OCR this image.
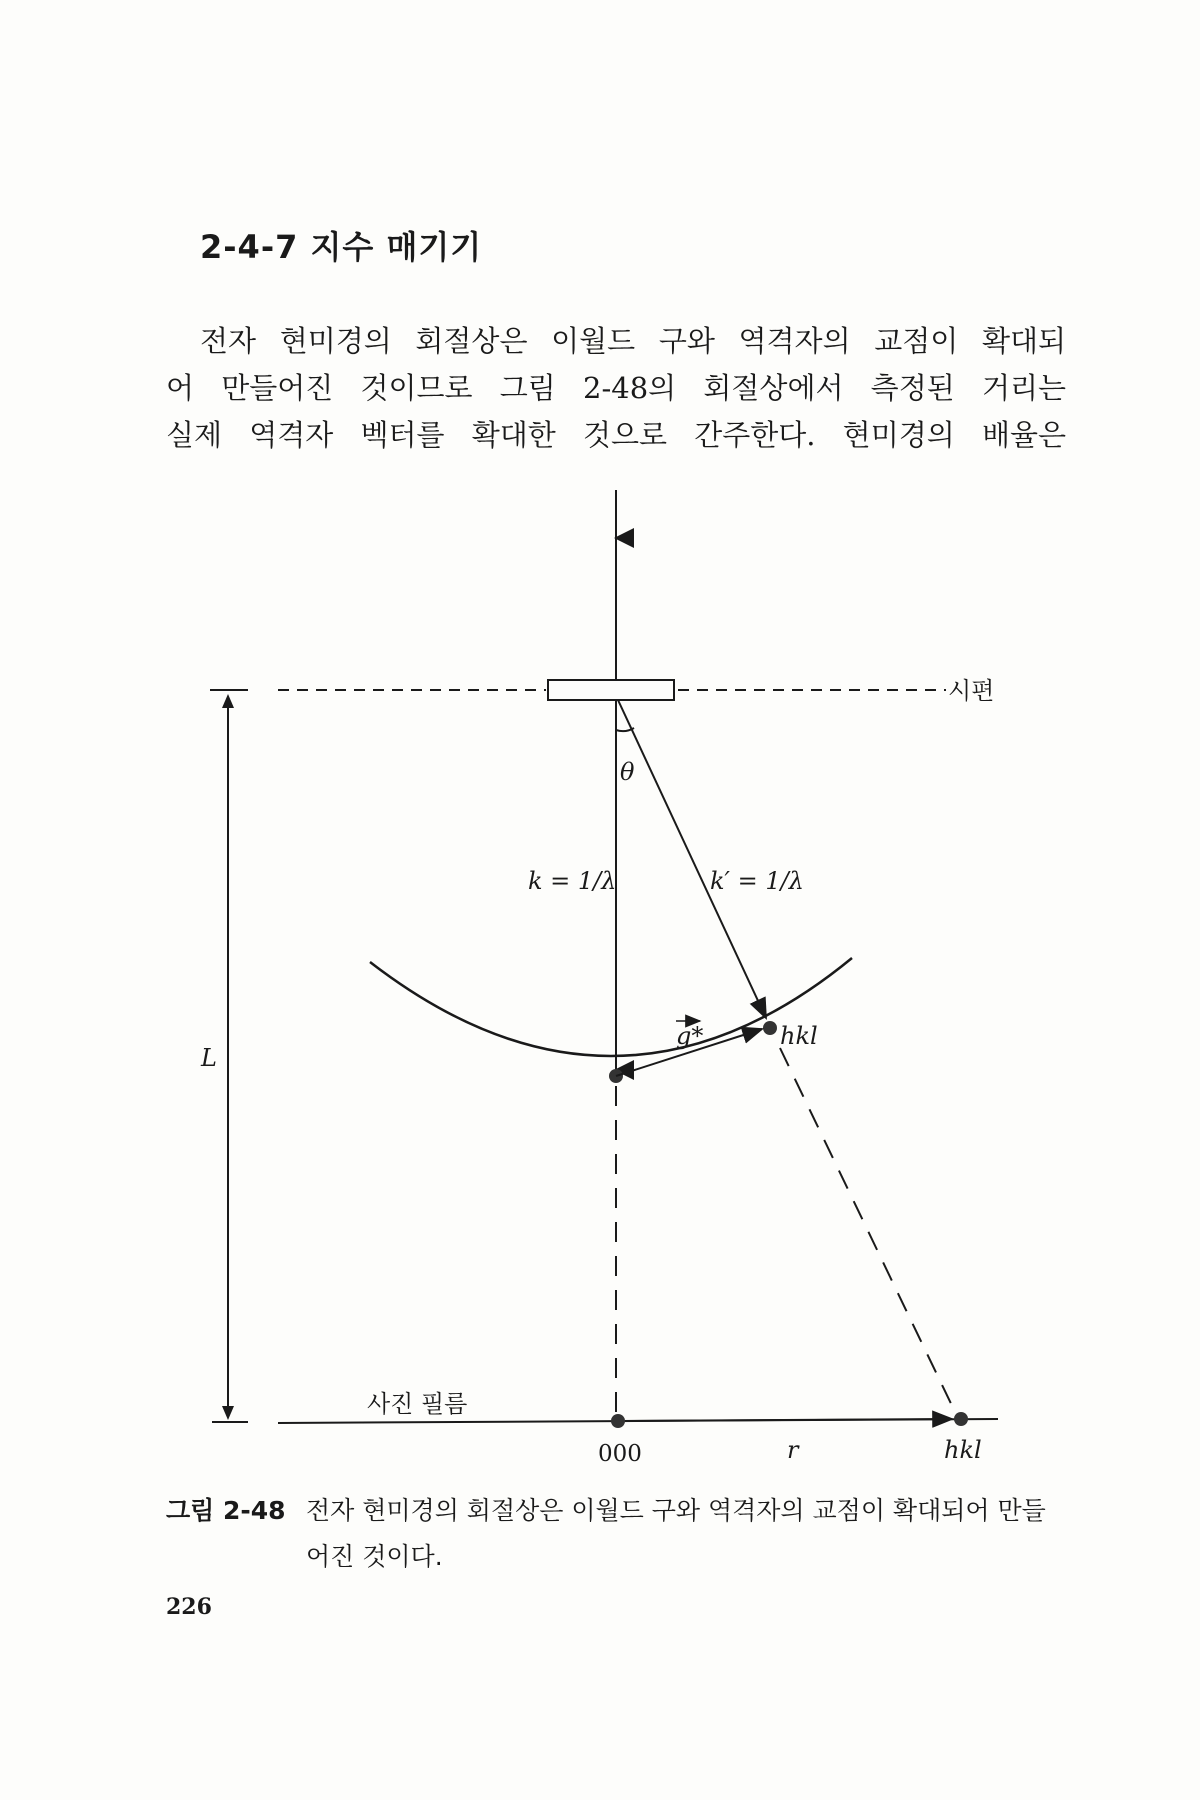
2-4-7 지수 매기기
전자 현미경의 회절상은 이월드 구와 역격자의 교점이 확대되
어 만들어진 것이므로 그림 2-48의 회절상에서 측정된 거리는
실제 역격자 벡터를 확대한 것으로 간주한다. 현미경의 배율은
시편
L
k = 1/λ	k′ = 1/λ
θ
g*	hkl
사진 필름
000	r	hkl
그림 2-48 전자 현미경의 회절상은 이월드 구와 역격자의 교점이 확대되어 만들어진 것이다.
226
